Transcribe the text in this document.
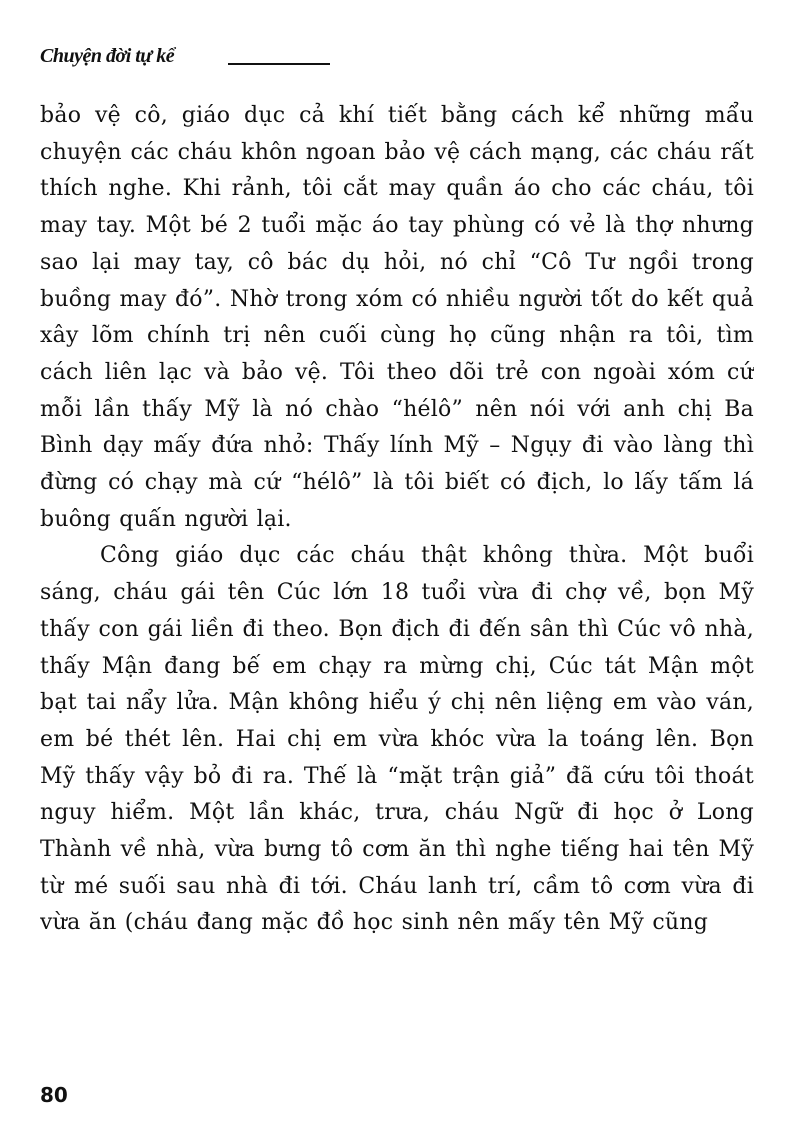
Chuyện đời tự kể

bảo vệ cô, giáo dục cả khí tiết bằng cách kể những mẩu chuyện các cháu khôn ngoan bảo vệ cách mạng, các cháu rất thích nghe. Khi rảnh, tôi cắt may quần áo cho các cháu, tôi may tay. Một bé 2 tuổi mặc áo tay phùng có vẻ là thợ nhưng sao lại may tay, cô bác dụ hỏi, nó chỉ “Cô Tư ngồi trong buồng may đó”. Nhờ trong xóm có nhiều người tốt do kết quả xây lõm chính trị nên cuối cùng họ cũng nhận ra tôi, tìm cách liên lạc và bảo vệ. Tôi theo dõi trẻ con ngoài xóm cứ mỗi lần thấy Mỹ là nó chào “hélô” nên nói với anh chị Ba Bình dạy mấy đứa nhỏ: Thấy lính Mỹ – Ngụy đi vào làng thì đừng có chạy mà cứ “hélô” là tôi biết có địch, lo lấy tấm lá buông quấn người lại.

Công giáo dục các cháu thật không thừa. Một buổi sáng, cháu gái tên Cúc lớn 18 tuổi vừa đi chợ về, bọn Mỹ thấy con gái liền đi theo. Bọn địch đi đến sân thì Cúc vô nhà, thấy Mận đang bế em chạy ra mừng chị, Cúc tát Mận một bạt tai nẩy lửa. Mận không hiểu ý chị nên liệng em vào ván, em bé thét lên. Hai chị em vừa khóc vừa la toáng lên. Bọn Mỹ thấy vậy bỏ đi ra. Thế là “mặt trận giả” đã cứu tôi thoát nguy hiểm. Một lần khác, trưa, cháu Ngữ đi học ở Long Thành về nhà, vừa bưng tô cơm ăn thì nghe tiếng hai tên Mỹ từ mé suối sau nhà đi tới. Cháu lanh trí, cầm tô cơm vừa đi vừa ăn (cháu đang mặc đồ học sinh nên mấy tên Mỹ cũng

80
